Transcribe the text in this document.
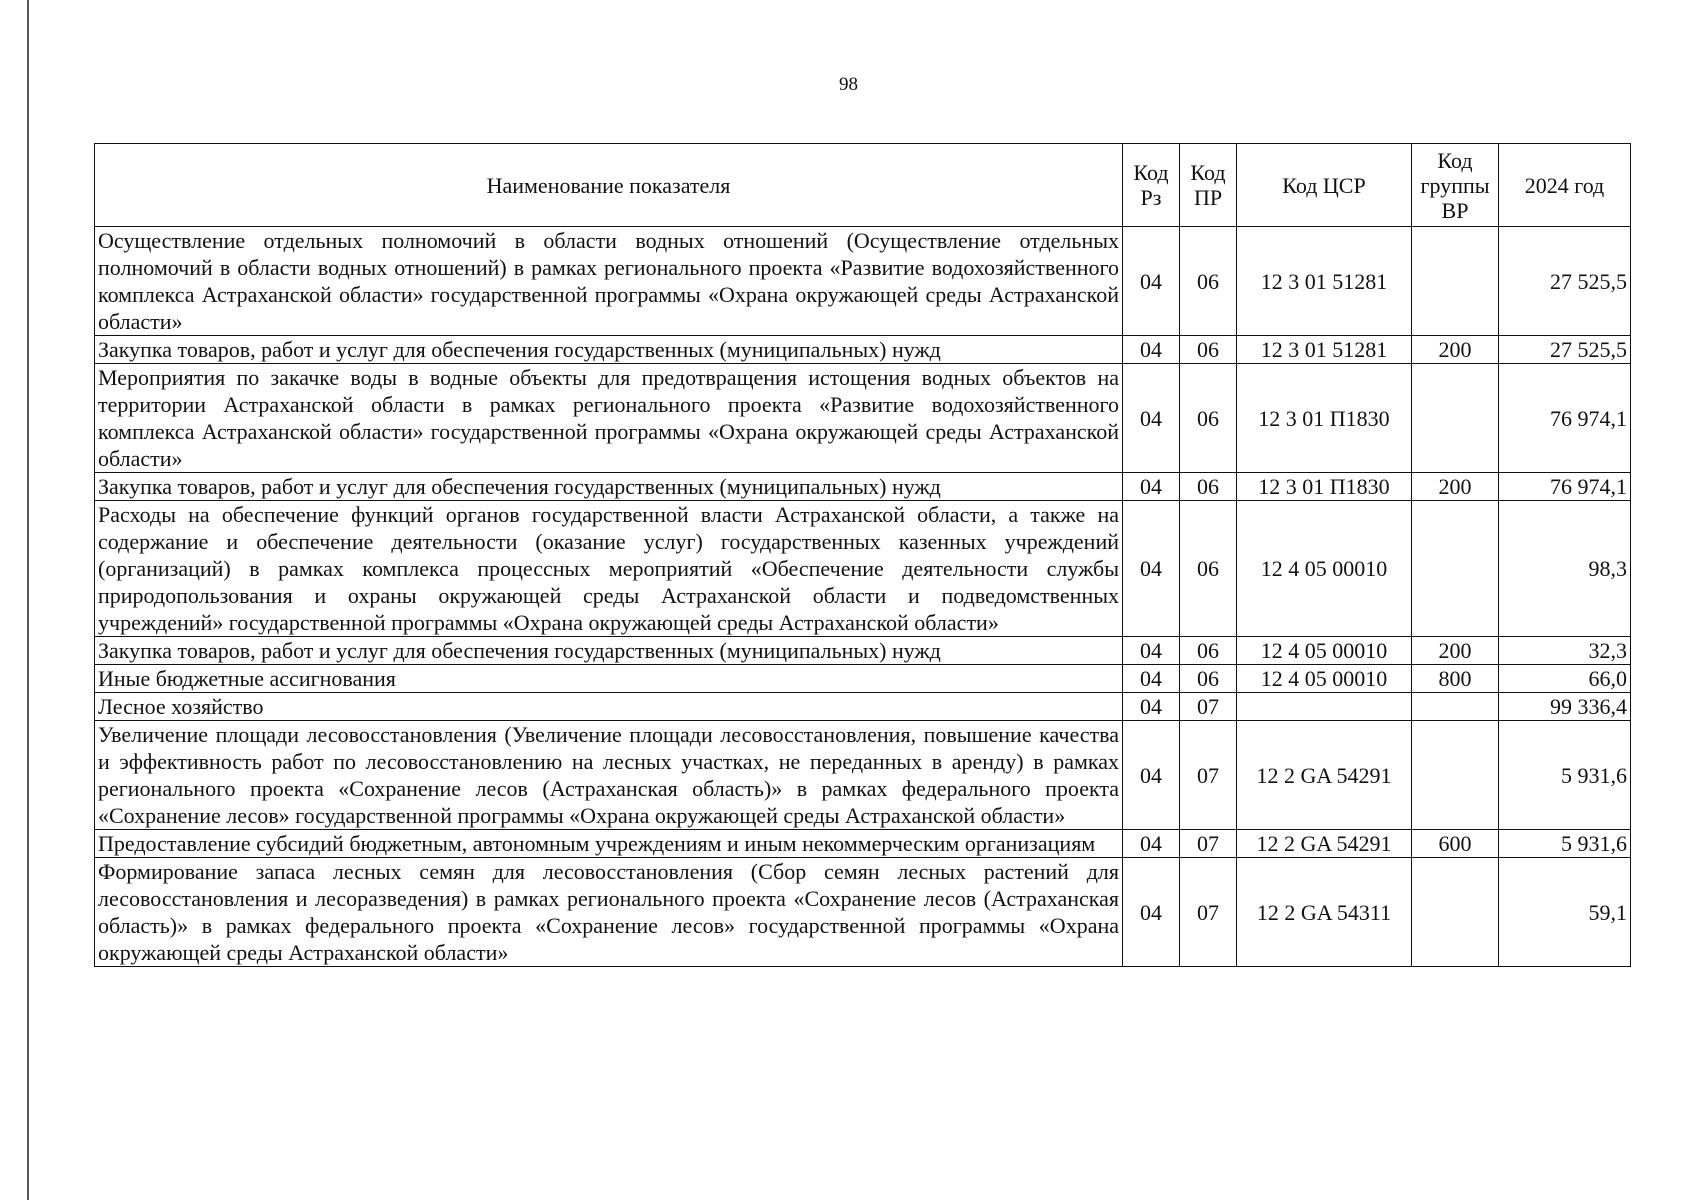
98
Наименование показателя	Код Рз	Код ПР	Код ЦСР	Код группы ВР	2024 год
Осуществление отдельных полномочий в области водных отношений (Осуществление отдельных полномочий в области водных отношений) в рамках регионального проекта «Развитие водохозяйственного комплекса Астраханской области» государственной программы «Охрана окружающей среды Астраханской области»	04	06	12 3 01 51281		27 525,5
Закупка товаров, работ и услуг для обеспечения государственных (муниципальных) нужд	04	06	12 3 01 51281	200	27 525,5
Мероприятия по закачке воды в водные объекты для предотвращения истощения водных объектов на территории Астраханской области в рамках регионального проекта «Развитие водохозяйственного комплекса Астраханской области» государственной программы «Охрана окружающей среды Астраханской области»	04	06	12 3 01 П1830		76 974,1
Закупка товаров, работ и услуг для обеспечения государственных (муниципальных) нужд	04	06	12 3 01 П1830	200	76 974,1
Расходы на обеспечение функций органов государственной власти Астраханской области, а также на содержание и обеспечение деятельности (оказание услуг) государственных казенных учреждений (организаций) в рамках комплекса процессных мероприятий «Обеспечение деятельности службы природопользования и охраны окружающей среды Астраханской области и подведомственных учреждений» государственной программы «Охрана окружающей среды Астраханской области»	04	06	12 4 05 00010		98,3
Закупка товаров, работ и услуг для обеспечения государственных (муниципальных) нужд	04	06	12 4 05 00010	200	32,3
Иные бюджетные ассигнования	04	06	12 4 05 00010	800	66,0
Лесное хозяйство	04	07			99 336,4
Увеличение площади лесовосстановления (Увеличение площади лесовосстановления, повышение качества и эффективность работ по лесовосстановлению на лесных участках, не переданных в аренду) в рамках регионального проекта «Сохранение лесов (Астраханская область)» в рамках федерального проекта «Сохранение лесов» государственной программы «Охрана окружающей среды Астраханской области»	04	07	12 2 GA 54291		5 931,6
Предоставление субсидий бюджетным, автономным учреждениям и иным некоммерческим организациям	04	07	12 2 GA 54291	600	5 931,6
Формирование запаса лесных семян для лесовосстановления (Сбор семян лесных растений для лесовосстановления и лесоразведения) в рамках регионального проекта «Сохранение лесов (Астраханская область)» в рамках федерального проекта «Сохранение лесов» государственной программы «Охрана окружающей среды Астраханской области»	04	07	12 2 GA 54311		59,1
